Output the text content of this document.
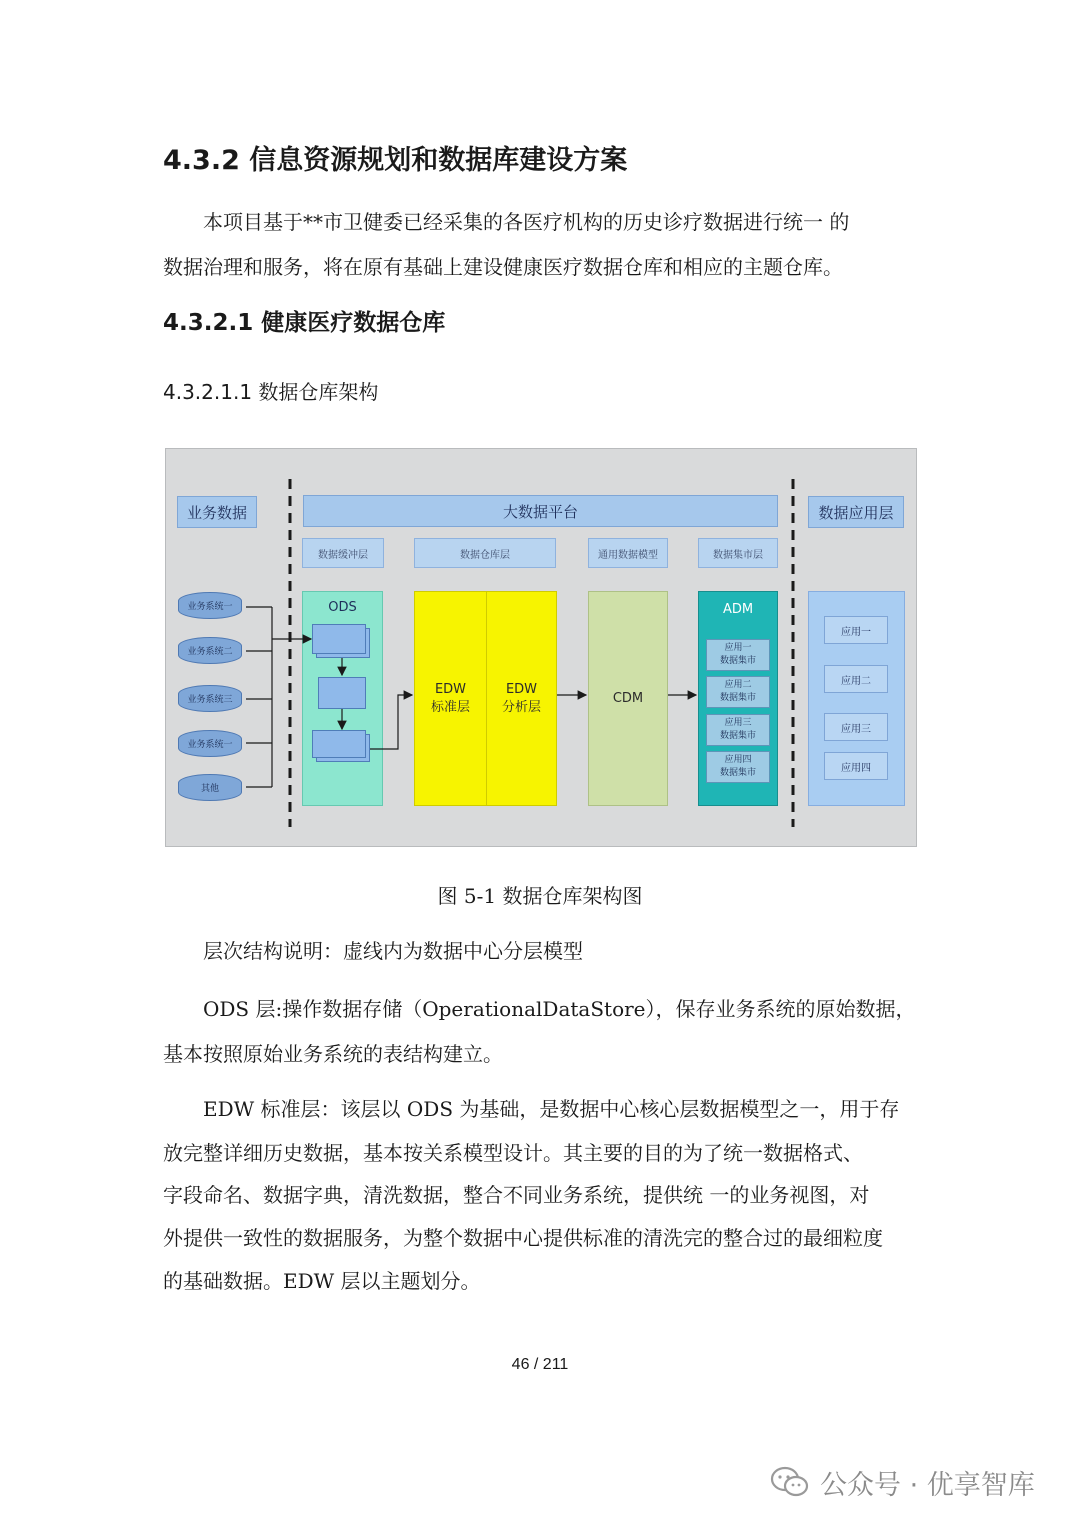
4.3.2 信息资源规划和数据库建设方案
本项目基于**市卫健委已经采集的各医疗机构的历史诊疗数据进行统一 的
数据治理和服务，将在原有基础上建设健康医疗数据仓库和相应的主题仓库。
4.3.2.1 健康医疗数据仓库
4.3.2.1.1 数据仓库架构
业务数据	大数据平台	数据应用层
数据缓冲层	数据仓库层	通用数据模型	数据集市层
ODS
EDW
标准层
EDW
分析层
CDM
ADM
应用一
数据集市
应用二
数据集市
应用三
数据集市
应用四
数据集市
应用一
应用二
应用三
应用四
业务系统一
业务系统二
业务系统三
业务系统一
其他
图 5-1 数据仓库架构图
层次结构说明：虚线内为数据中心分层模型
ODS 层:操作数据存储（OperationalDataStore），保存业务系统的原始数据，
基本按照原始业务系统的表结构建立。
EDW 标准层：该层以 ODS 为基础，是数据中心核心层数据模型之一，用于存
放完整详细历史数据，基本按关系模型设计。其主要的目的为了统一数据格式、
字段命名、数据字典，清洗数据，整合不同业务系统，提供统 一的业务视图，对
外提供一致性的数据服务，为整个数据中心提供标准的清洗完的整合过的最细粒度
的基础数据。EDW 层以主题划分。
46 / 211
公众号 · 优享智库
